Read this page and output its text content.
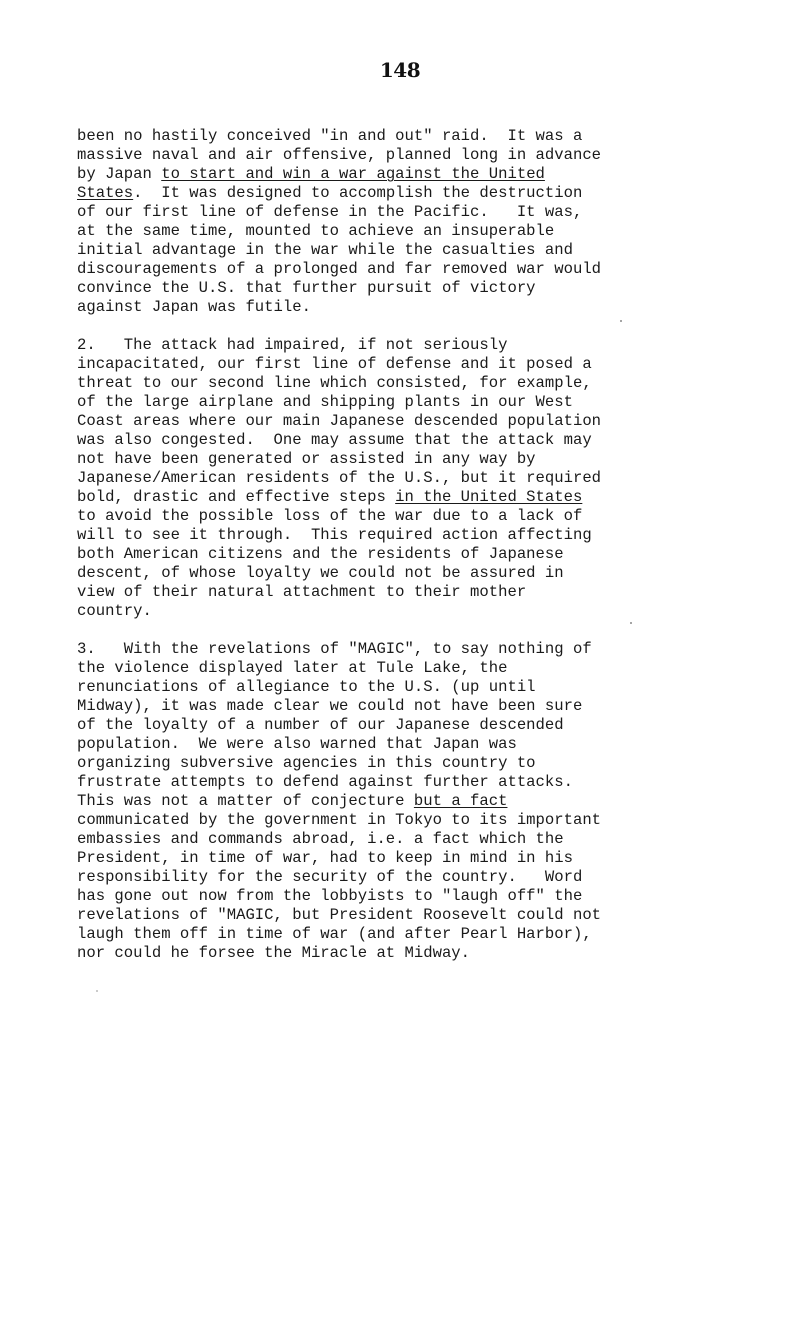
148
been no hastily conceived "in and out" raid.  It was a
massive naval and air offensive, planned long in advance
by Japan to start and win a war against the United
States.  It was designed to accomplish the destruction
of our first line of defense in the Pacific.   It was,
at the same time, mounted to achieve an insuperable
initial advantage in the war while the casualties and
discouragements of a prolonged and far removed war would
convince the U.S. that further pursuit of victory
against Japan was futile.
2.   The attack had impaired, if not seriously
incapacitated, our first line of defense and it posed a
threat to our second line which consisted, for example,
of the large airplane and shipping plants in our West
Coast areas where our main Japanese descended population
was also congested.  One may assume that the attack may
not have been generated or assisted in any way by
Japanese/American residents of the U.S., but it required
bold, drastic and effective steps in the United States
to avoid the possible loss of the war due to a lack of
will to see it through.  This required action affecting
both American citizens and the residents of Japanese
descent, of whose loyalty we could not be assured in
view of their natural attachment to their mother
country.
3.   With the revelations of "MAGIC", to say nothing of
the violence displayed later at Tule Lake, the
renunciations of allegiance to the U.S. (up until
Midway), it was made clear we could not have been sure
of the loyalty of a number of our Japanese descended
population.  We were also warned that Japan was
organizing subversive agencies in this country to
frustrate attempts to defend against further attacks.
This was not a matter of conjecture but a fact
communicated by the government in Tokyo to its important
embassies and commands abroad, i.e. a fact which the
President, in time of war, had to keep in mind in his
responsibility for the security of the country.   Word
has gone out now from the lobbyists to "laugh off" the
revelations of "MAGIC, but President Roosevelt could not
laugh them off in time of war (and after Pearl Harbor),
nor could he forsee the Miracle at Midway.
